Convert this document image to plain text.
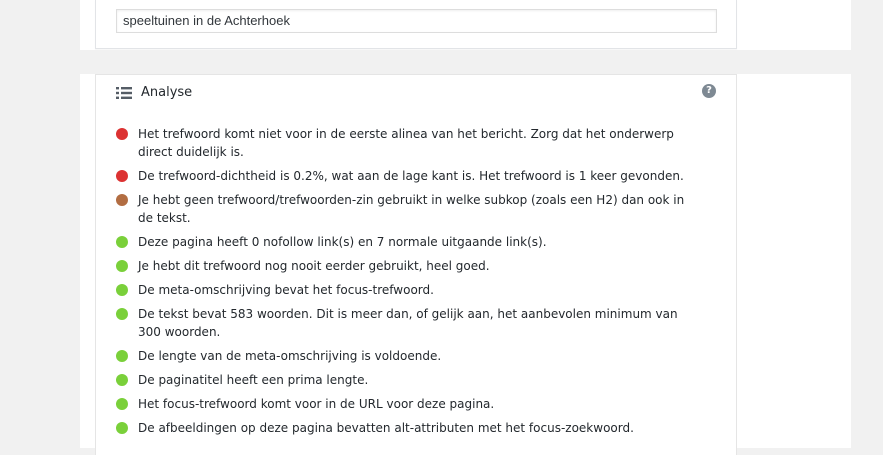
speeltuinen in de Achterhoek
Analyse	?
Het trefwoord komt niet voor in de eerste alinea van het bericht. Zorg dat het onderwerp direct duidelijk is.
De trefwoord-dichtheid is 0.2%, wat aan de lage kant is. Het trefwoord is 1 keer gevonden.
Je hebt geen trefwoord/trefwoorden-zin gebruikt in welke subkop (zoals een H2) dan ook in de tekst.
Deze pagina heeft 0 nofollow link(s) en 7 normale uitgaande link(s).
Je hebt dit trefwoord nog nooit eerder gebruikt, heel goed.
De meta-omschrijving bevat het focus-trefwoord.
De tekst bevat 583 woorden. Dit is meer dan, of gelijk aan, het aanbevolen minimum van 300 woorden.
De lengte van de meta-omschrijving is voldoende.
De paginatitel heeft een prima lengte.
Het focus-trefwoord komt voor in de URL voor deze pagina.
De afbeeldingen op deze pagina bevatten alt-attributen met het focus-zoekwoord.
